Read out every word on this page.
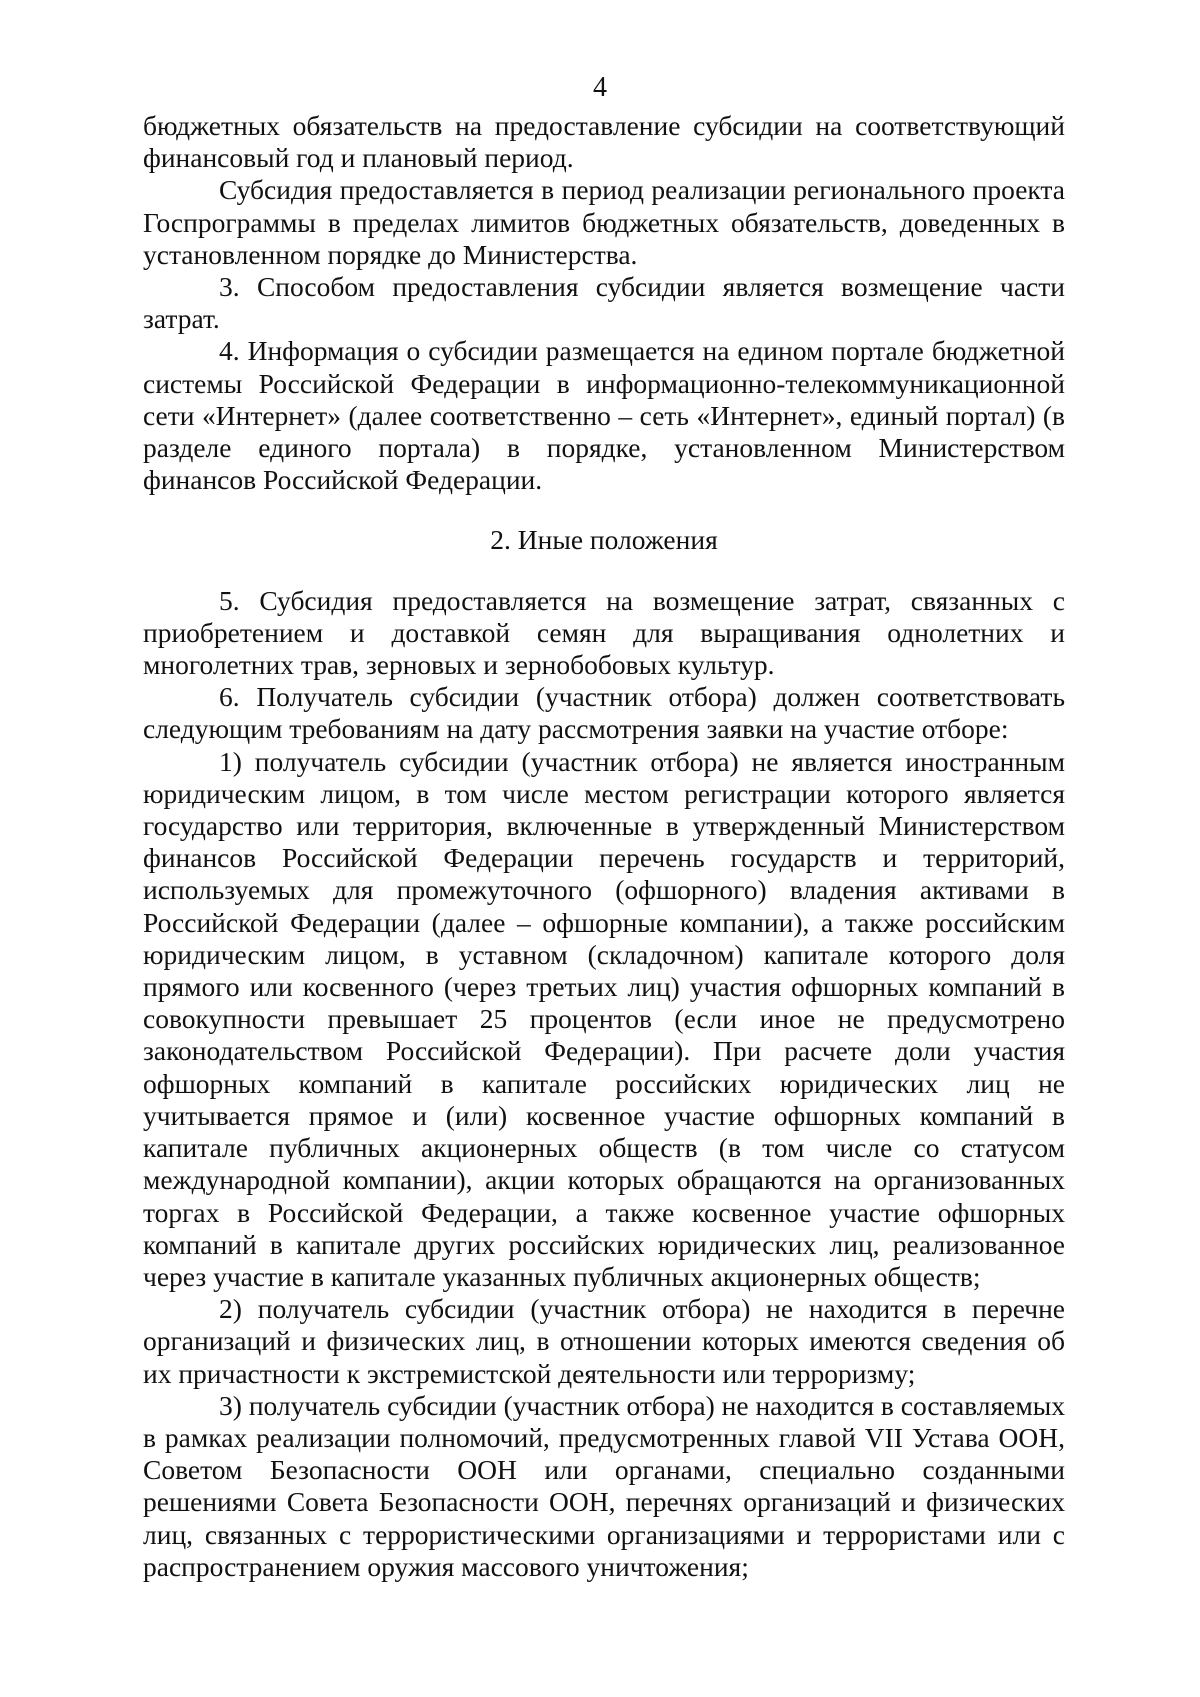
4

бюджетных обязательств на предоставление субсидии на соответствующий финансовый год и плановый период.

Субсидия предоставляется в период реализации регионального проекта Госпрограммы в пределах лимитов бюджетных обязательств, доведенных в установленном порядке до Министерства.

3. Способом предоставления субсидии является возмещение части затрат.

4. Информация о субсидии размещается на едином портале бюджетной системы Российской Федерации в информационно-телекоммуникационной сети «Интернет» (далее соответственно – сеть «Интернет», единый портал) (в разделе единого портала) в порядке, установленном Министерством финансов Российской Федерации.

2. Иные положения

5. Субсидия предоставляется на возмещение затрат, связанных с приобретением и доставкой семян для выращивания однолетних и многолетних трав, зерновых и зернобобовых культур.

6. Получатель субсидии (участник отбора) должен соответствовать следующим требованиям на дату рассмотрения заявки на участие отборе:

1) получатель субсидии (участник отбора) не является иностранным юридическим лицом, в том числе местом регистрации которого является государство или территория, включенные в утвержденный Министерством финансов Российской Федерации перечень государств и территорий, используемых для промежуточного (офшорного) владения активами в Российской Федерации (далее – офшорные компании), а также российским юридическим лицом, в уставном (складочном) капитале которого доля прямого или косвенного (через третьих лиц) участия офшорных компаний в совокупности превышает 25 процентов (если иное не предусмотрено законодательством Российской Федерации). При расчете доли участия офшорных компаний в капитале российских юридических лиц не учитывается прямое и (или) косвенное участие офшорных компаний в капитале публичных акционерных обществ (в том числе со статусом международной компании), акции которых обращаются на организованных торгах в Российской Федерации, а также косвенное участие офшорных компаний в капитале других российских юридических лиц, реализованное через участие в капитале указанных публичных акционерных обществ;

2) получатель субсидии (участник отбора) не находится в перечне организаций и физических лиц, в отношении которых имеются сведения об их причастности к экстремистской деятельности или терроризму;

3) получатель субсидии (участник отбора) не находится в составляемых в рамках реализации полномочий, предусмотренных главой VII Устава ООН, Советом Безопасности ООН или органами, специально созданными решениями Совета Безопасности ООН, перечнях организаций и физических лиц, связанных с террористическими организациями и террористами или с распространением оружия массового уничтожения;
